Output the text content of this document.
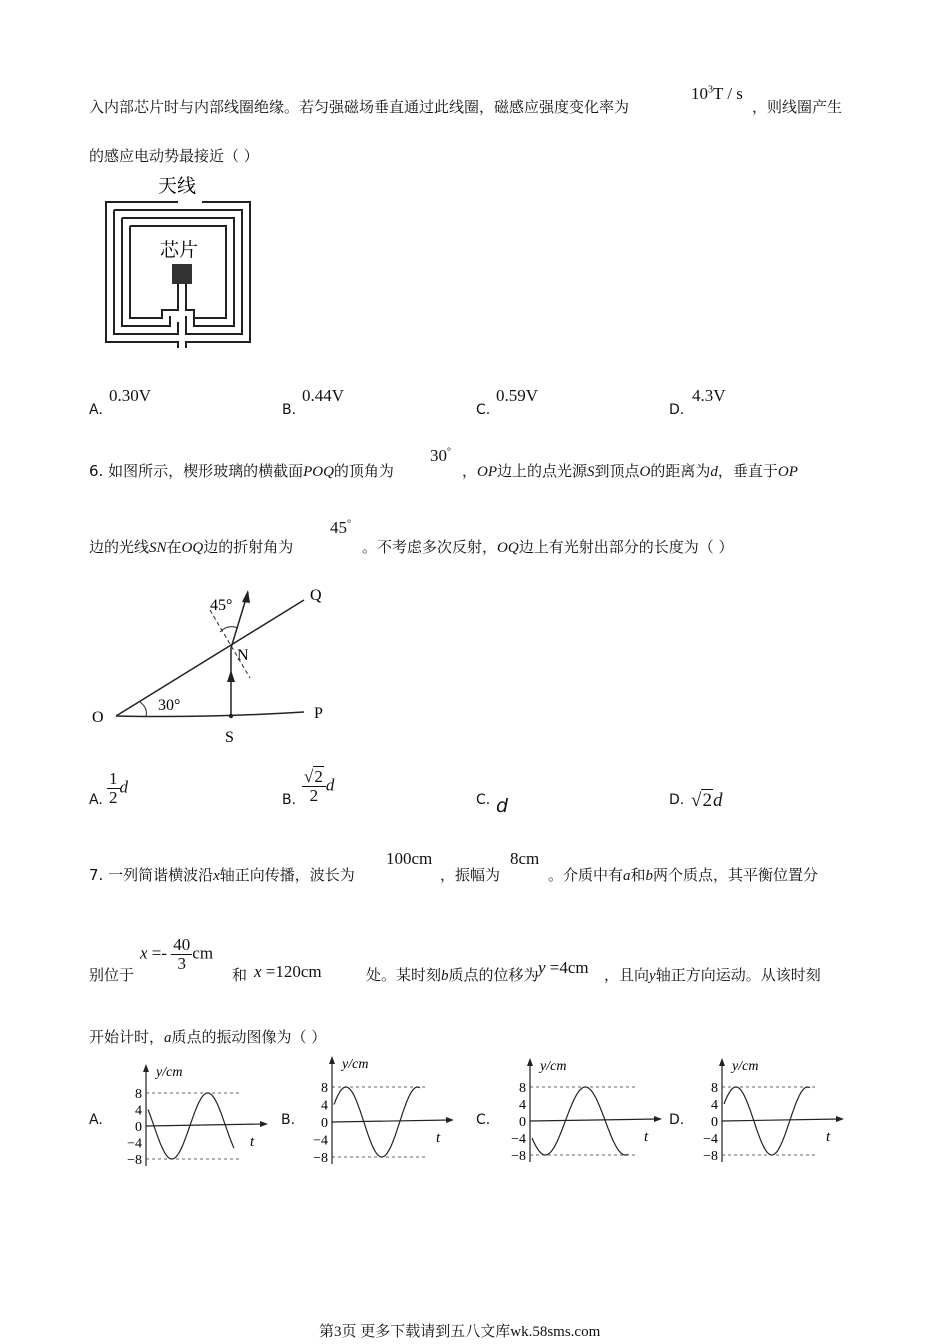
入内部芯片时与内部线圈绝缘。若匀强磁场垂直通过此线圈，磁感应强度变化率为
$10^3T$ / s
，则线圈产生
的感应电动势最接近（ ）
天线
芯片
A.
0.30V
B.
0.44V
C.
0.59V
D.
4.3V
6. 如图所示，楔形玻璃的横截面POQ的顶角为
30°
，OP边上的点光源S到顶点O的距离为d，垂直于OP
边的光线SN在OQ边的折射角为
45°
。不考虑多次反射，OQ边上有光射出部分的长度为（ ）
45°
Q
N
30°
O	P
S
A. $\frac{1}{2}$ d
B. $\frac{√2}{2}$ d
C. d	D. √2d
7. 一列简谐横波沿x轴正向传播，波长为
100cm
，振幅为
8cm
。介质中有a和b两个质点，其平衡位置分
别位于
$x =- \frac{40}{3}$ cm
和 x =120cm	处。某时刻b质点的位移为 y =4cm ，且向y轴正方向运动。从该时刻
开始计时，a质点的振动图像为（ ）
A.
8
4
0
−4
−8
y/cm
t
B.
8
4
0
−4
−8
y/cm
t
C.
8
4
0
−4
−8
y/cm
t
D.
8
4
0
−4
−8
y/cm
t
第3页 更多下载请到五八文库wk.58sms.com
